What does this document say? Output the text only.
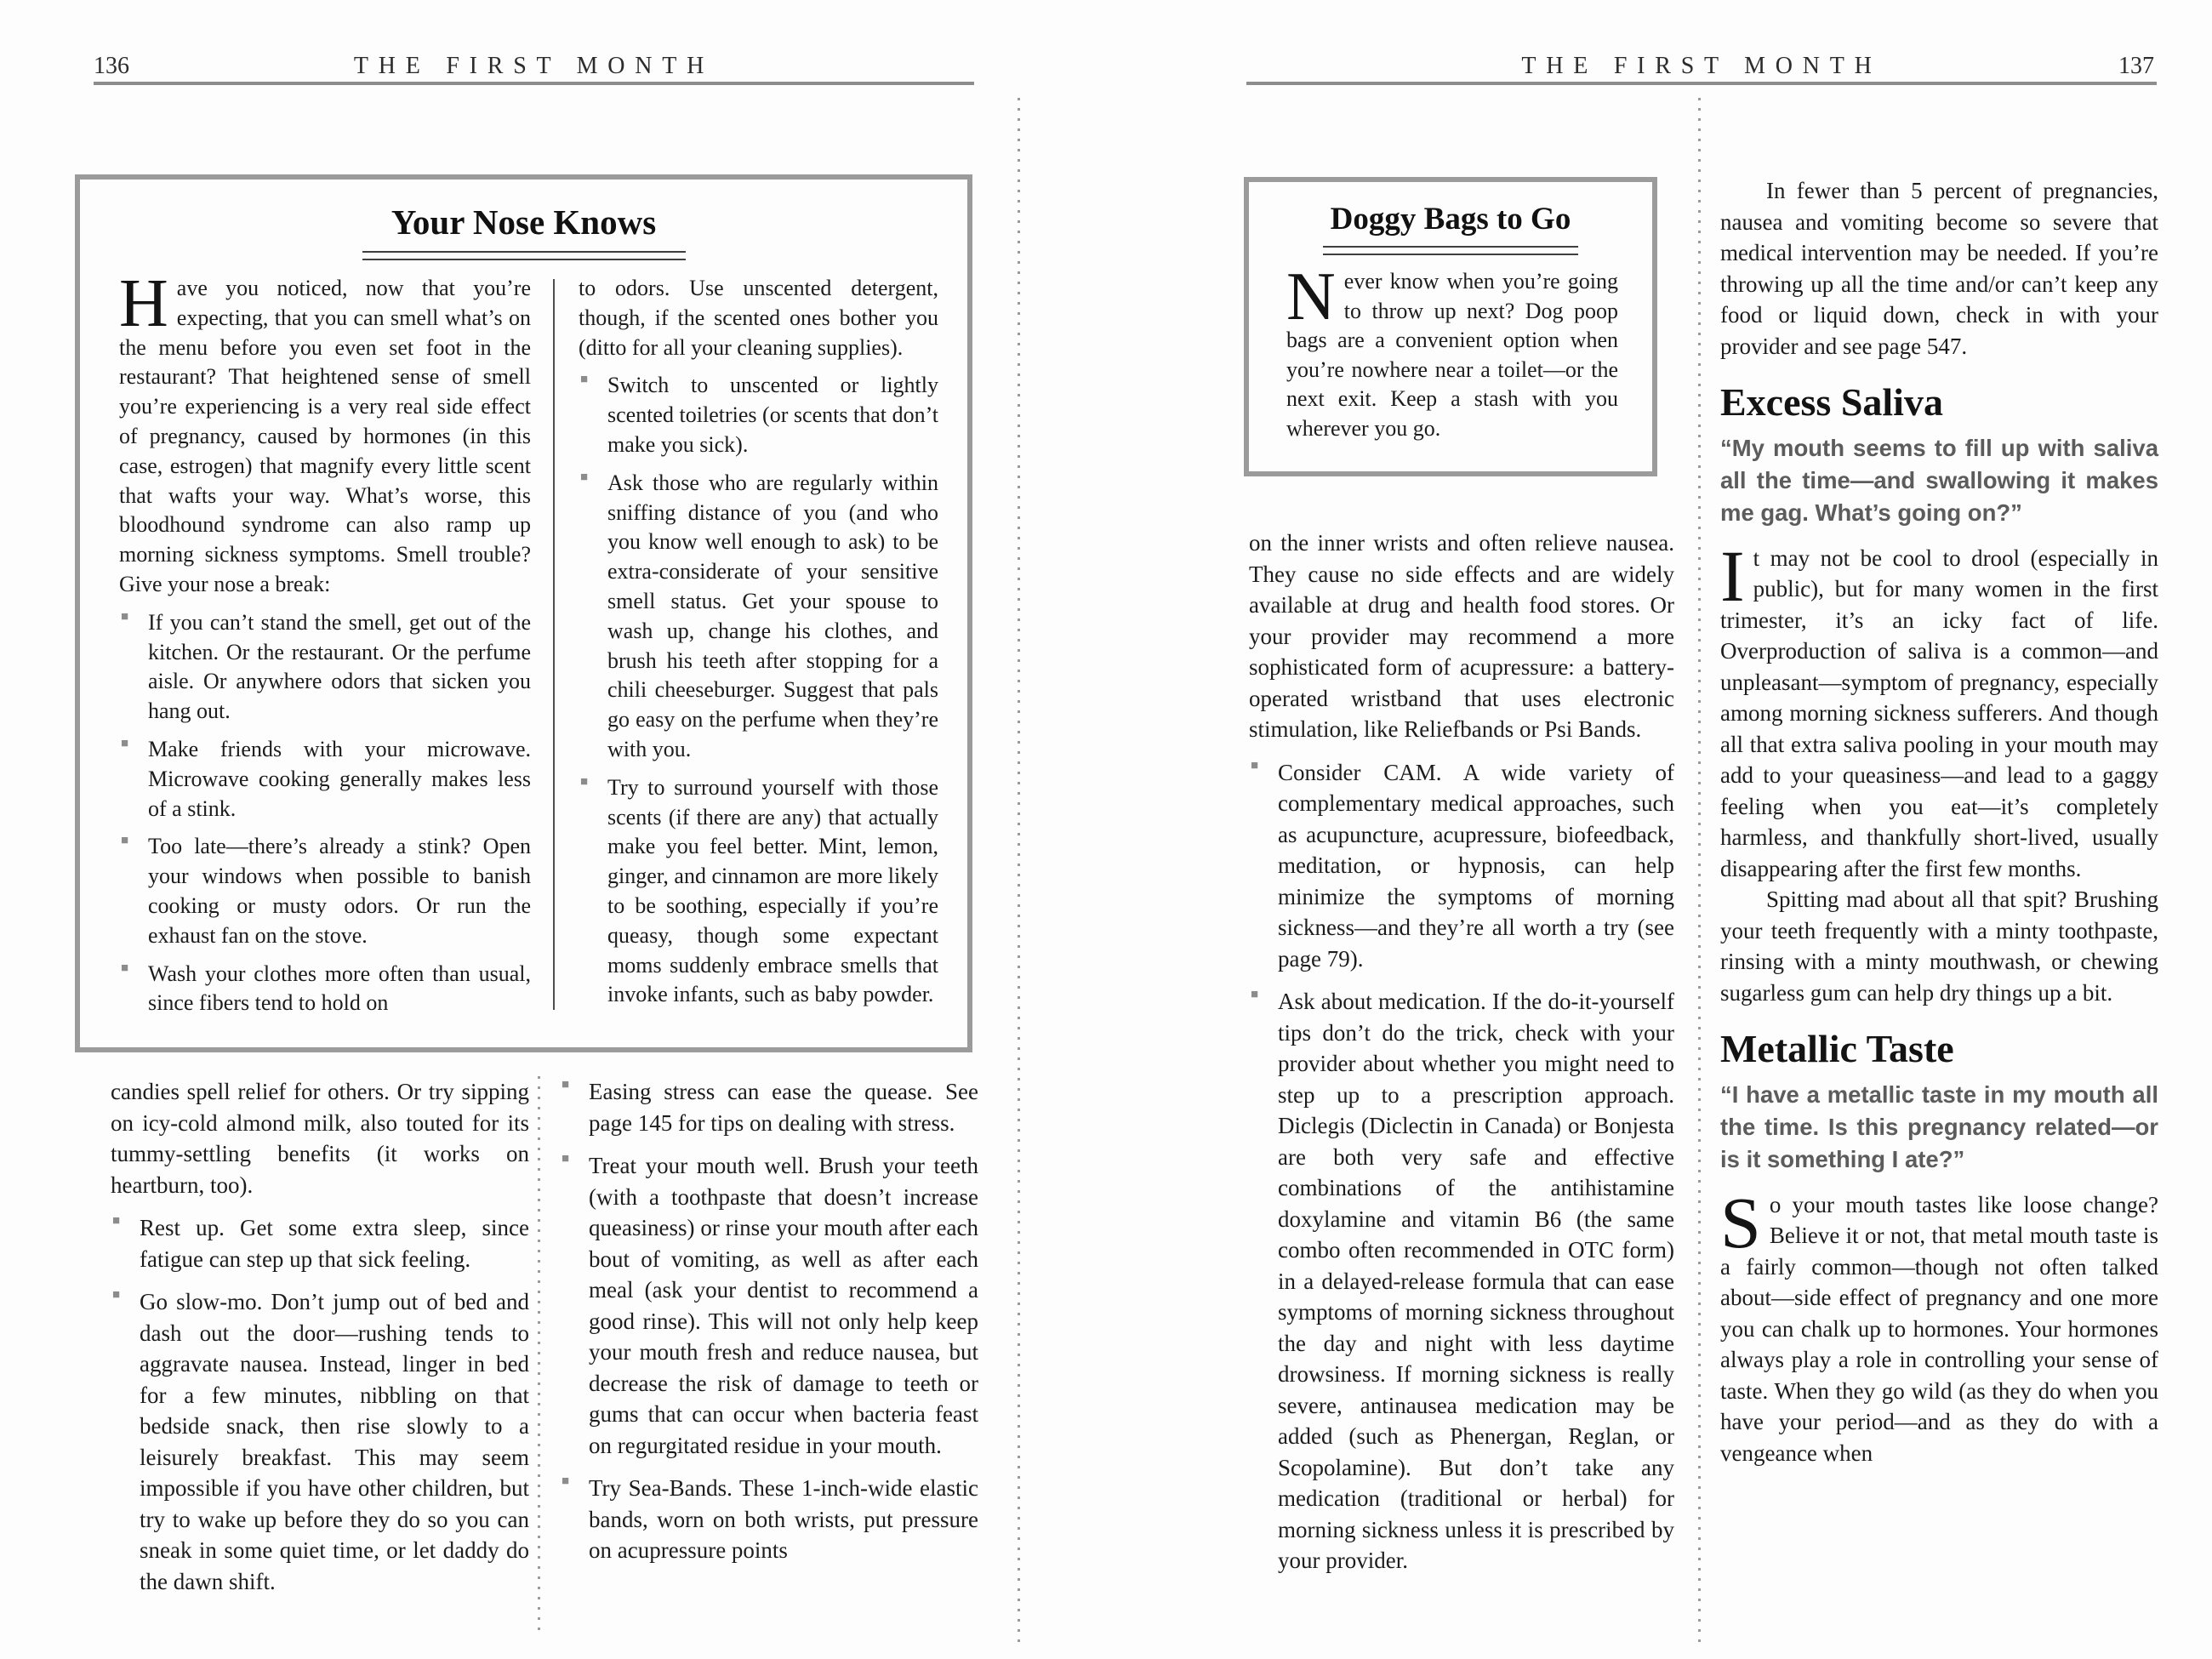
136	THE FIRST MONTH	THE FIRST MONTH	137
Your Nose Knows

Have you noticed, now that you’re expecting, that you can smell what’s on the menu before you even set foot in the restaurant? That heightened sense of smell you’re experiencing is a very real side effect of pregnancy, caused by hormones (in this case, estrogen) that magnify every little scent that wafts your way. What’s worse, this bloodhound syndrome can also ramp up morning sickness symptoms. Smell trouble? Give your nose a break:

■ If you can’t stand the smell, get out of the kitchen. Or the restaurant. Or the perfume aisle. Or anywhere odors that sicken you hang out.
■ Make friends with your microwave. Microwave cooking generally makes less of a stink.
■ Too late—there’s already a stink? Open your windows when possible to banish cooking or musty odors. Or run the exhaust fan on the stove.
■ Wash your clothes more often than usual, since fibers tend to hold on

to odors. Use unscented detergent, though, if the scented ones bother you (ditto for all your cleaning supplies).

■ Switch to unscented or lightly scented toiletries (or scents that don’t make you sick).
■ Ask those who are regularly within sniffing distance of you (and who you know well enough to ask) to be extra-considerate of your sensitive smell status. Get your spouse to wash up, change his clothes, and brush his teeth after stopping for a chili cheeseburger. Suggest that pals go easy on the perfume when they’re with you.
■ Try to surround yourself with those scents (if there are any) that actually make you feel better. Mint, lemon, ginger, and cinnamon are more likely to be soothing, especially if you’re queasy, though some expectant moms suddenly embrace smells that invoke infants, such as baby powder.

candies spell relief for others. Or try sipping on icy-cold almond milk, also touted for its tummy-settling benefits (it works on heartburn, too).

■ Rest up. Get some extra sleep, since fatigue can step up that sick feeling.
■ Go slow-mo. Don’t jump out of bed and dash out the door—rushing tends to aggravate nausea. Instead, linger in bed for a few minutes, nibbling on that bedside snack, then rise slowly to a leisurely breakfast. This may seem impossible if you have other children, but try to wake up before they do so you can sneak in some quiet time, or let daddy do the dawn shift.
■ Easing stress can ease the quease. See page 145 for tips on dealing with stress.
■ Treat your mouth well. Brush your teeth (with a toothpaste that doesn’t increase queasiness) or rinse your mouth after each bout of vomiting, as well as after each meal (ask your dentist to recommend a good rinse). This will not only help keep your mouth fresh and reduce nausea, but decrease the risk of damage to teeth or gums that can occur when bacteria feast on regurgitated residue in your mouth.
■ Try Sea-Bands. These 1-inch-wide elastic bands, worn on both wrists, put pressure on acupressure points
Doggy Bags to Go

Never know when you’re going to throw up next? Dog poop bags are a convenient option when you’re nowhere near a toilet—or the next exit. Keep a stash with you wherever you go.

on the inner wrists and often relieve nausea. They cause no side effects and are widely available at drug and health food stores. Or your provider may recommend a more sophisticated form of acupressure: a battery-operated wristband that uses electronic stimulation, like Reliefbands or Psi Bands.

■ Consider CAM. A wide variety of complementary medical approaches, such as acupuncture, acupressure, biofeedback, meditation, or hypnosis, can help minimize the symptoms of morning sickness—and they’re all worth a try (see page 79).
■ Ask about medication. If the do-it-yourself tips don’t do the trick, check with your provider about whether you might need to step up to a prescription approach. Diclegis (Diclectin in Canada) or Bonjesta are both very safe and effective combinations of the antihistamine doxylamine and vitamin B6 (the same combo often recommended in OTC form) in a delayed-release formula that can ease symptoms of morning sickness throughout the day and night with less daytime drowsiness. If morning sickness is really severe, antinausea medication may be added (such as Phenergan, Reglan, or Scopolamine). But don’t take any medication (traditional or herbal) for morning sickness unless it is prescribed by your provider.

In fewer than 5 percent of pregnancies, nausea and vomiting become so severe that medical intervention may be needed. If you’re throwing up all the time and/or can’t keep any food or liquid down, check in with your provider and see page 547.

Excess Saliva
“My mouth seems to fill up with saliva all the time—and swallowing it makes me gag. What’s going on?”

It may not be cool to drool (especially in public), but for many women in the first trimester, it’s an icky fact of life. Overproduction of saliva is a common—and unpleasant—symptom of pregnancy, especially among morning sickness sufferers. And though all that extra saliva pooling in your mouth may add to your queasiness—and lead to a gaggy feeling when you eat—it’s completely harmless, and thankfully short-lived, usually disappearing after the first few months.

Spitting mad about all that spit? Brushing your teeth frequently with a minty toothpaste, rinsing with a minty mouthwash, or chewing sugarless gum can help dry things up a bit.

Metallic Taste
“I have a metallic taste in my mouth all the time. Is this pregnancy related—or is it something I ate?”

So your mouth tastes like loose change? Believe it or not, that metal mouth taste is a fairly common—though not often talked about—side effect of pregnancy and one more you can chalk up to hormones. Your hormones always play a role in controlling your sense of taste. When they go wild (as they do when you have your period—and as they do with a vengeance when
